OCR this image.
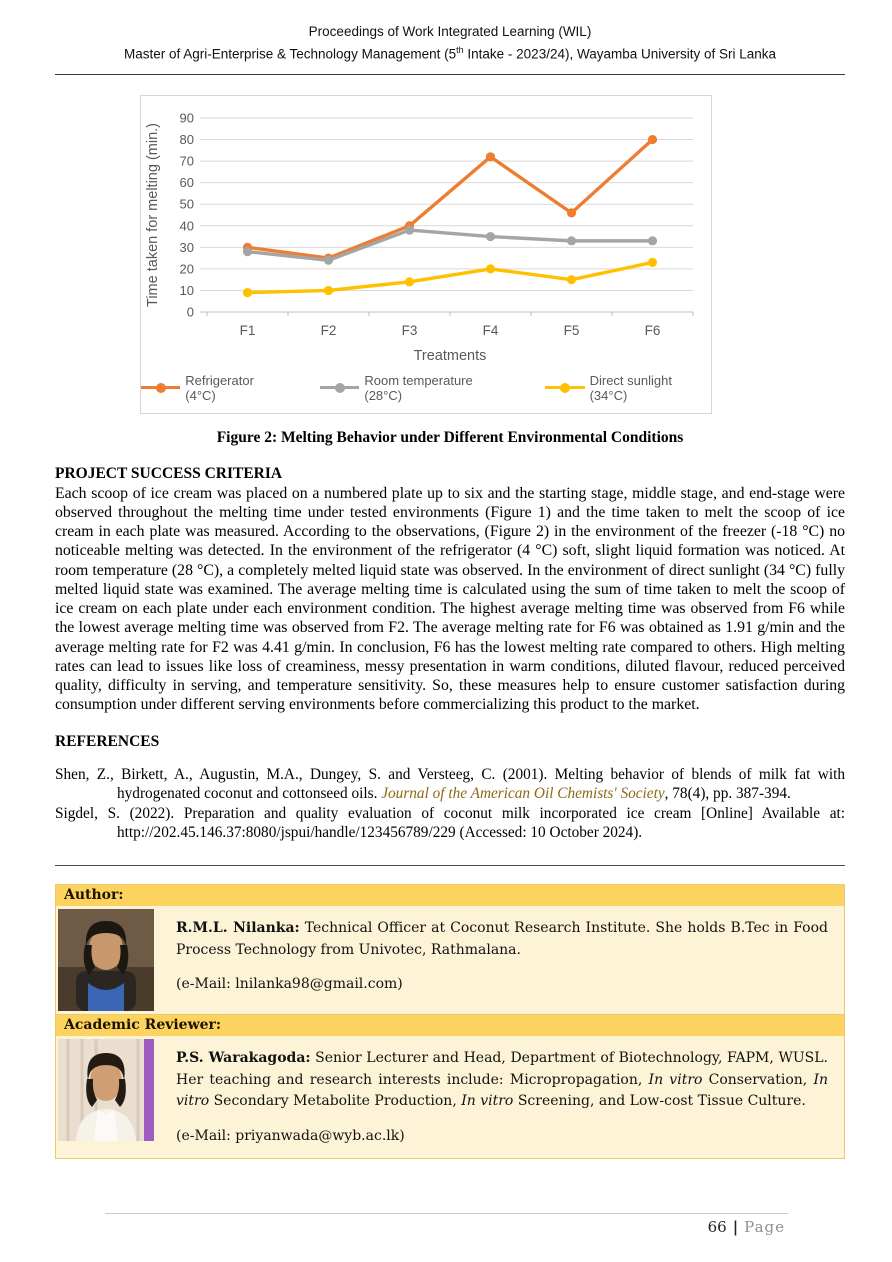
Proceedings of Work Integrated Learning (WIL)
Master of Agri-Enterprise & Technology Management (5th Intake - 2023/24), Wayamba University of Sri Lanka
0
10
20
30
40
50
60
70
80
90
F1	F2	F3	F4	F5	F6
Treatments
Time taken for melting (min.)
Refrigerator (4°C)
Room temperature (28°C)
Direct sunlight (34°C)
Figure 2: Melting Behavior under Different Environmental Conditions
PROJECT SUCCESS CRITERIA

Each scoop of ice cream was placed on a numbered plate up to six and the starting stage, middle stage, and end-stage were observed throughout the melting time under tested environments (Figure 1) and the time taken to melt the scoop of ice cream in each plate was measured. According to the observations, (Figure 2) in the environment of the freezer (-18 °C) no noticeable melting was detected. In the environment of the refrigerator (4 °C) soft, slight liquid formation was noticed. At room temperature (28 °C), a completely melted liquid state was observed. In the environment of direct sunlight (34 °C) fully melted liquid state was examined. The average melting time is calculated using the sum of time taken to melt the scoop of ice cream on each plate under each environment condition. The highest average melting time was observed from F6 while the lowest average melting time was observed from F2. The average melting rate for F6 was obtained as 1.91 g/min and the average melting rate for F2 was 4.41 g/min. In conclusion, F6 has the lowest melting rate compared to others. High melting rates can lead to issues like loss of creaminess, messy presentation in warm conditions, diluted flavour, reduced perceived quality, difficulty in serving, and temperature sensitivity. So, these measures help to ensure customer satisfaction during consumption under different serving environments before commercializing this product to the market.

REFERENCES

Shen, Z., Birkett, A., Augustin, M.A., Dungey, S. and Versteeg, C. (2001). Melting behavior of blends of milk fat with hydrogenated coconut and cottonseed oils. Journal of the American Oil Chemists' Society, 78(4), pp. 387-394.

Sigdel, S. (2022). Preparation and quality evaluation of coconut milk incorporated ice cream [Online] Available at: http://202.45.146.37:8080/jspui/handle/123456789/229 (Accessed: 10 October 2024).

Author:

R.M.L. Nilanka: Technical Officer at Coconut Research Institute. She holds B.Tec in Food Process Technology from Univotec, Rathmalana.

(e-Mail: lnilanka98@gmail.com)

Academic Reviewer:

P.S. Warakagoda: Senior Lecturer and Head, Department of Biotechnology, FAPM, WUSL. Her teaching and research interests include: Micropropagation, In vitro Conservation, In vitro Secondary Metabolite Production, In vitro Screening, and Low-cost Tissue Culture.

(e-Mail: priyanwada@wyb.ac.lk)

66 | Page
